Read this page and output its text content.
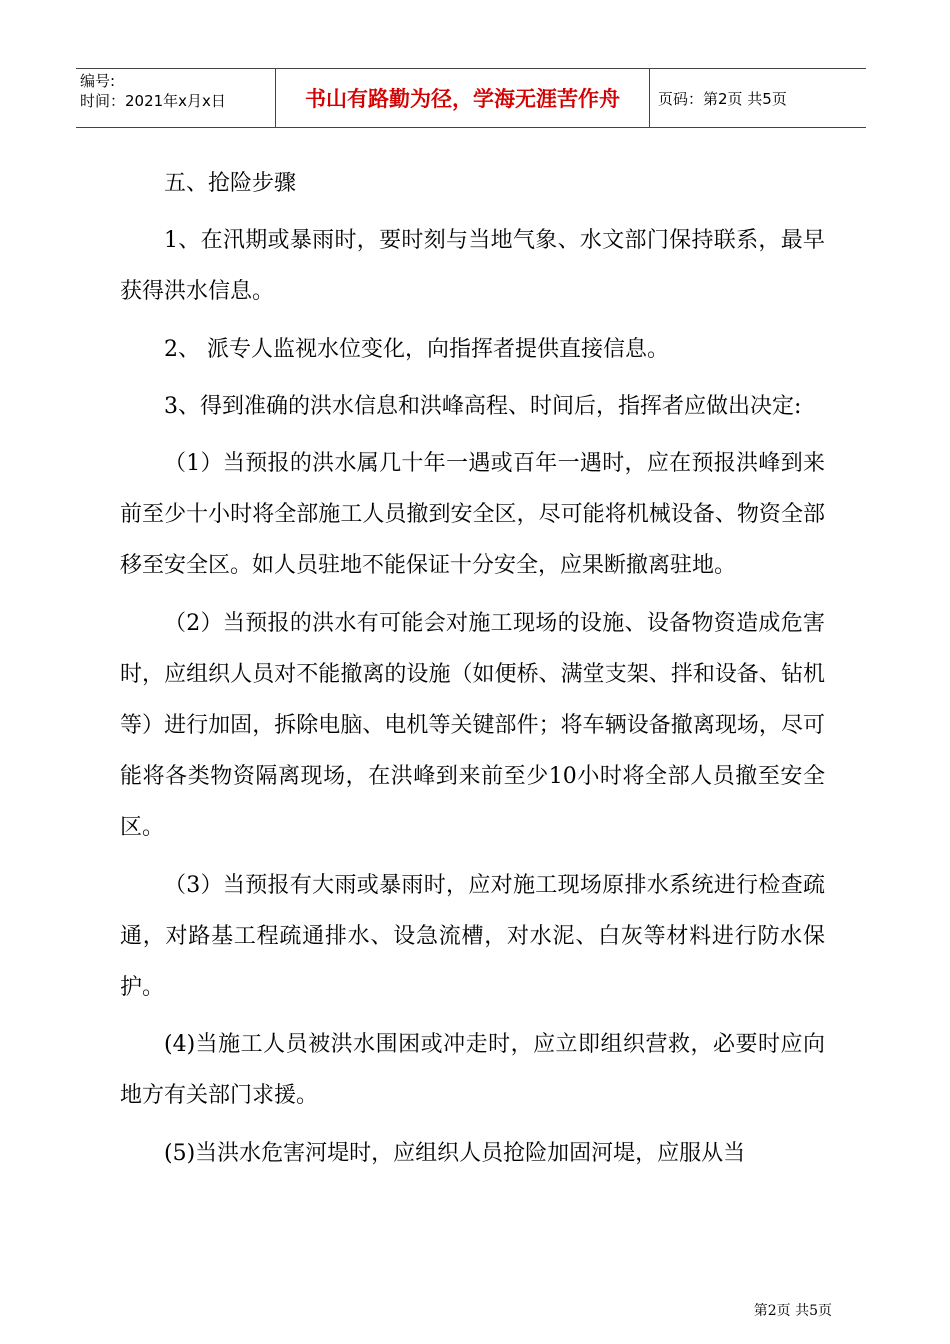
编号:
时间：2021年x月x日	书山有路勤为径，学海无涯苦作舟	页码：第2页 共5页

五、抢险步骤

1、在汛期或暴雨时，要时刻与当地气象、水文部门保持联系，最早获得洪水信息。

2、 派专人监视水位变化，向指挥者提供直接信息。

3、得到准确的洪水信息和洪峰高程、时间后，指挥者应做出决定:

（1）当预报的洪水属几十年一遇或百年一遇时，应在预报洪峰到来前至少十小时将全部施工人员撤到安全区，尽可能将机械设备、物资全部移至安全区。如人员驻地不能保证十分安全，应果断撤离驻地。

（2）当预报的洪水有可能会对施工现场的设施、设备物资造成危害时，应组织人员对不能撤离的设施（如便桥、满堂支架、拌和设备、钻机等）进行加固，拆除电脑、电机等关键部件；将车辆设备撤离现场，尽可能将各类物资隔离现场，在洪峰到来前至少10小时将全部人员撤至安全区。

（3）当预报有大雨或暴雨时，应对施工现场原排水系统进行检查疏通，对路基工程疏通排水、设急流槽，对水泥、白灰等材料进行防水保护。

(4)当施工人员被洪水围困或冲走时，应立即组织营救，必要时应向地方有关部门求援。

(5)当洪水危害河堤时，应组织人员抢险加固河堤，应服从当

第2页 共5页
